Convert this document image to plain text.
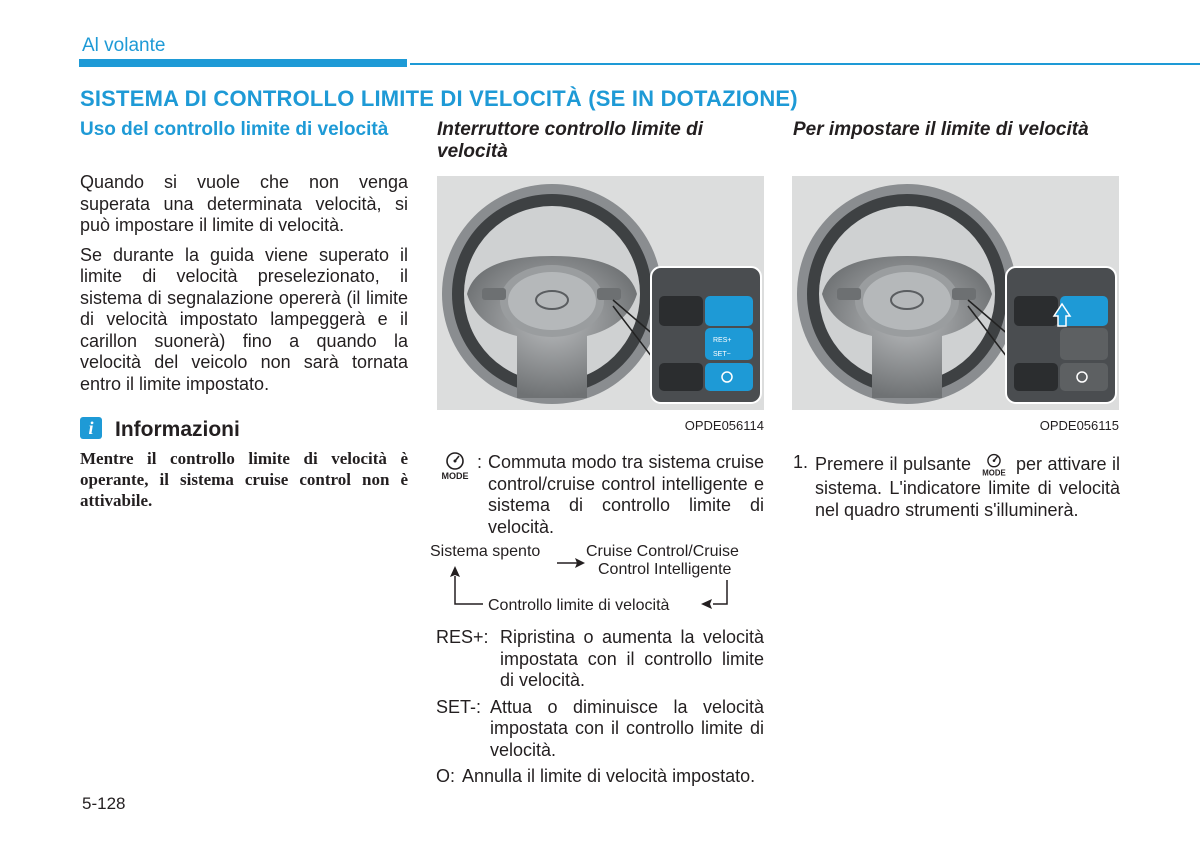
Al volante
SISTEMA DI CONTROLLO LIMITE DI VELOCITÀ (SE IN DOTAZIONE)
Uso del controllo limite di velocità

Quando si vuole che non venga superata una determinata velocità, si può impostare il limite di velocità.

Se durante la guida viene superato il limite di velocità preselezionato, il sistema di segnalazione opererà (il limite di velocità impostato lampeggerà e il carillon suonerà) fino a quando la velocità del veicolo non sarà tornata entro il limite impostato.

i	Informazioni
Mentre il controllo limite di velocità è operante, il sistema cruise control non è attivabile.
Interruttore controllo limite di velocità
RES+
SET−
OPDE056114
MODE
: Commuta modo tra sistema cruise control/cruise control intelligente e sistema di controllo limite di velocità.
Sistema spento	Cruise Control/Cruise
Control Intelligente
Controllo limite di velocità
RES+: Ripristina o aumenta la velocità impostata con il controllo limite di velocità.
SET-: Attua o diminuisce la velocità impostata con il controllo limite di velocità.
O: Annulla il limite di velocità impostato.
Per impostare il limite di velocità
OPDE056115
1. Premere il pulsante MODE per attivare il sistema. L'indicatore limite di velocità nel quadro strumenti s'illuminerà.
5-128
